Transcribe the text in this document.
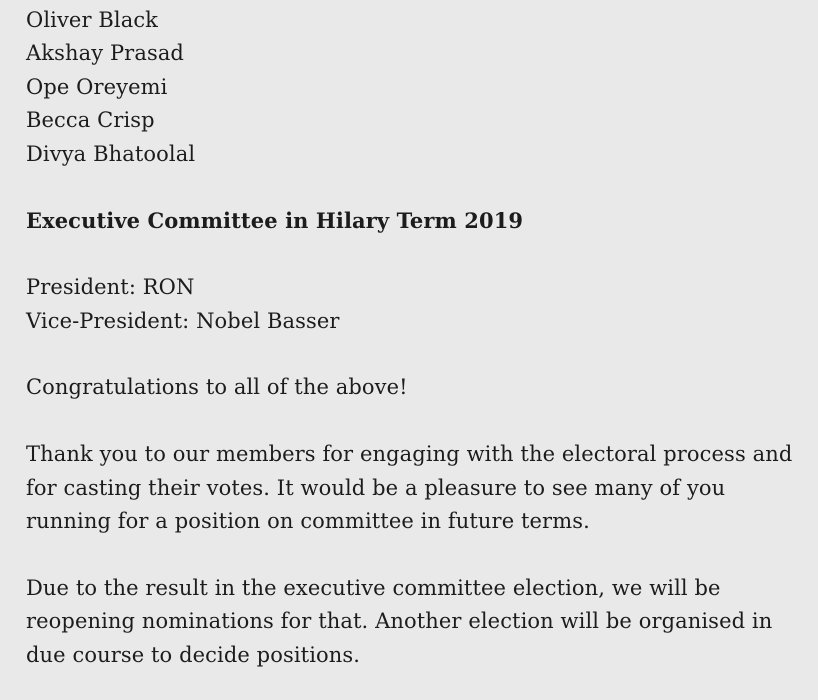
Oliver Black
Akshay Prasad
Ope Oreyemi
Becca Crisp
Divya Bhatoolal
Executive Committee in Hilary Term 2019
President: RON
Vice-President: Nobel Basser
Congratulations to all of the above!

Thank you to our members for engaging with the electoral process and
for casting their votes. It would be a pleasure to see many of you
running for a position on committee in future terms.

Due to the result in the executive committee election, we will be
reopening nominations for that. Another election will be organised in
due course to decide positions.
